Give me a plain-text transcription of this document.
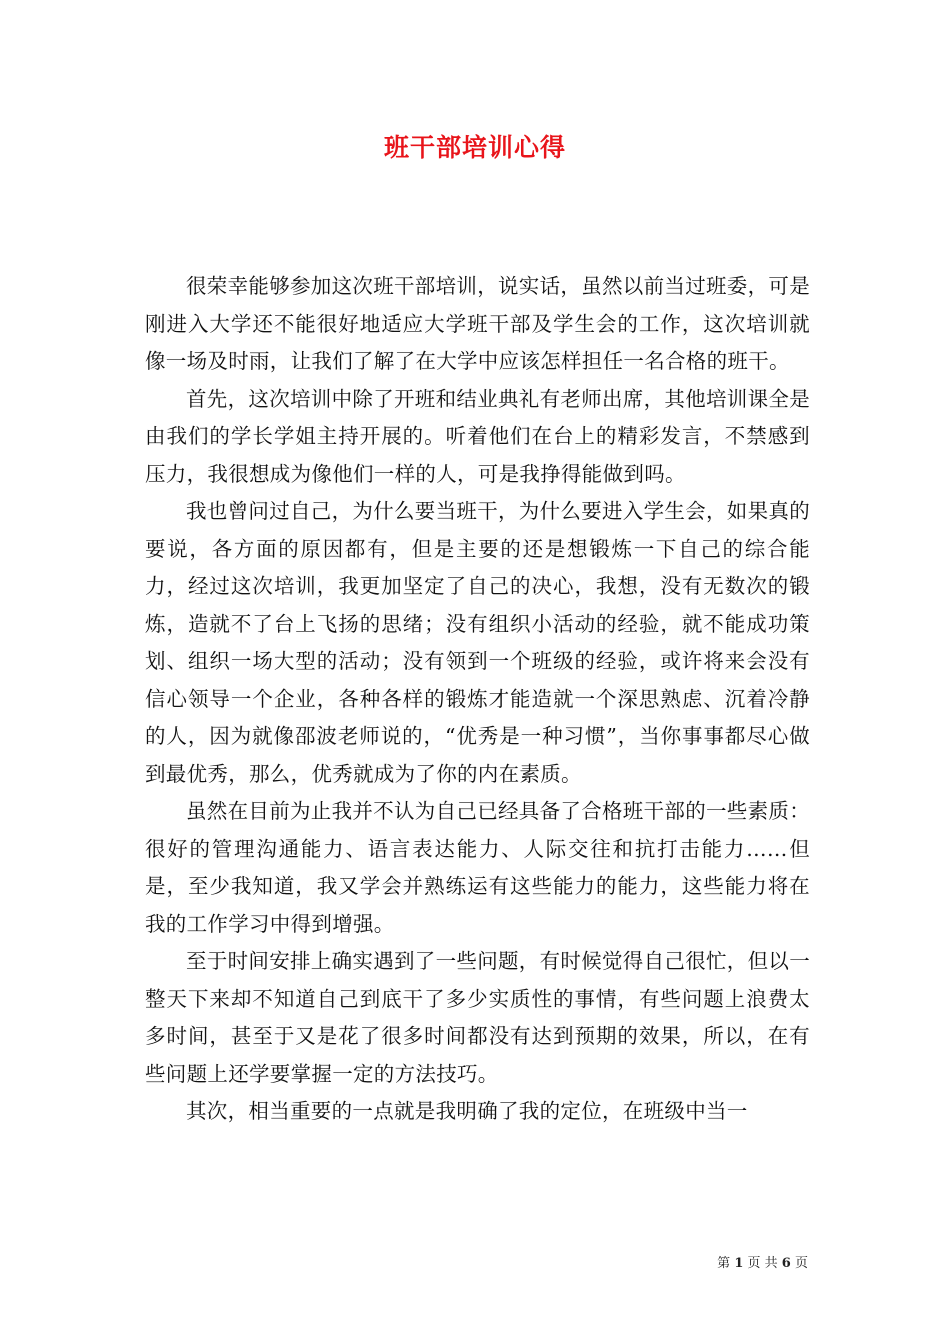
班干部培训心得

很荣幸能够参加这次班干部培训，说实话，虽然以前当过班委，可是刚进入大学还不能很好地适应大学班干部及学生会的工作，这次培训就像一场及时雨，让我们了解了在大学中应该怎样担任一名合格的班干。

首先，这次培训中除了开班和结业典礼有老师出席，其他培训课全是由我们的学长学姐主持开展的。听着他们在台上的精彩发言，不禁感到压力，我很想成为像他们一样的人，可是我挣得能做到吗。

我也曾问过自己，为什么要当班干，为什么要进入学生会，如果真的要说，各方面的原因都有，但是主要的还是想锻炼一下自己的综合能力，经过这次培训，我更加坚定了自己的决心，我想，没有无数次的锻炼，造就不了台上飞扬的思绪；没有组织小活动的经验，就不能成功策划、组织一场大型的活动；没有领到一个班级的经验，或许将来会没有信心领导一个企业，各种各样的锻炼才能造就一个深思熟虑、沉着冷静的人，因为就像邵波老师说的，“优秀是一种习惯”，当你事事都尽心做到最优秀，那么，优秀就成为了你的内在素质。

虽然在目前为止我并不认为自己已经具备了合格班干部的一些素质：很好的管理沟通能力、语言表达能力、人际交往和抗打击能力……但是，至少我知道，我又学会并熟练运有这些能力的能力，这些能力将在我的工作学习中得到增强。

至于时间安排上确实遇到了一些问题，有时候觉得自己很忙，但以一整天下来却不知道自己到底干了多少实质性的事情，有些问题上浪费太多时间，甚至于又是花了很多时间都没有达到预期的效果，所以，在有些问题上还学要掌握一定的方法技巧。

其次，相当重要的一点就是我明确了我的定位，在班级中当一

第 1 页 共 6 页
